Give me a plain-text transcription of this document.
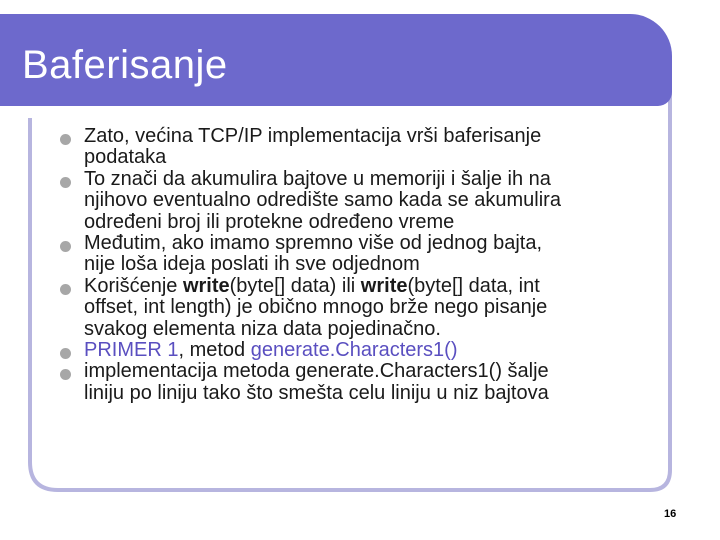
Baferisanje

Zato, većina TCP/IP implementacija vrši baferisanje
podataka

To znači da akumulira bajtove u memoriji i šalje ih na
njihovo eventualno odredište samo kada se akumulira
određeni broj ili protekne određeno vreme

Međutim, ako imamo spremno više od jednog bajta,
nije loša ideja poslati ih sve odjednom

Korišćenje write(byte[] data) ili write(byte[] data, int
offset, int length) je obično mnogo brže nego pisanje
svakog elementa niza data pojedinačno.

PRIMER 1, metod generate.Characters1()

implementacija metoda generate.Characters1() šalje
liniju po liniju tako što smešta celu liniju u niz bajtova

16
